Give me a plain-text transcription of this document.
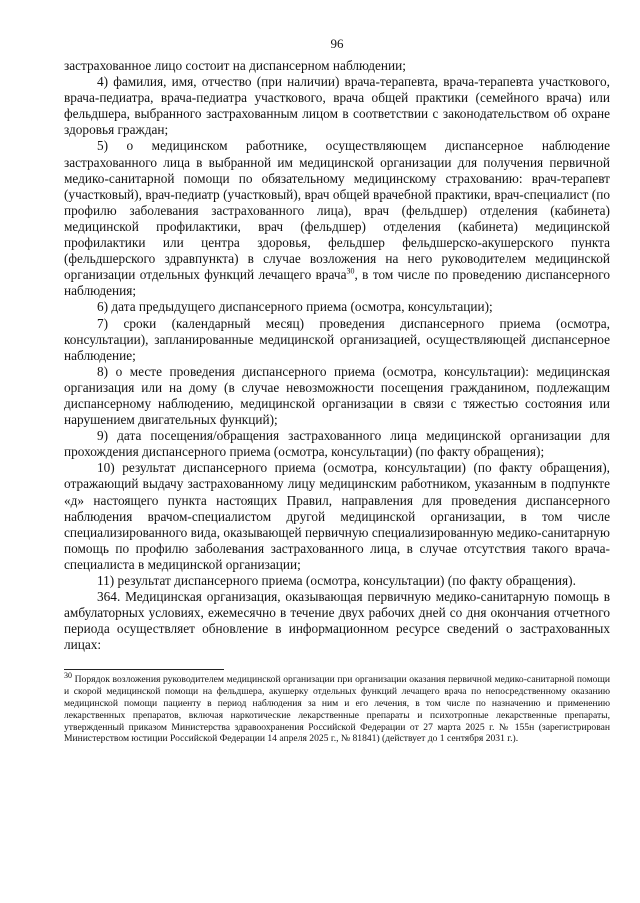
96

застрахованное лицо состоит на диспансерном наблюдении;

4) фамилия, имя, отчество (при наличии) врача-терапевта, врача-терапевта участкового, врача-педиатра, врача-педиатра участкового, врача общей практики (семейного врача) или фельдшера, выбранного застрахованным лицом в соответствии с законодательством об охране здоровья граждан;

5) о медицинском работнике, осуществляющем диспансерное наблюдение застрахованного лица в выбранной им медицинской организации для получения первичной медико-санитарной помощи по обязательному медицинскому страхованию: врач-терапевт (участковый), врач-педиатр (участковый), врач общей врачебной практики, врач-специалист (по профилю заболевания застрахованного лица), врач (фельдшер) отделения (кабинета) медицинской профилактики, врач (фельдшер) отделения (кабинета) медицинской профилактики или центра здоровья, фельдшер фельдшерско-акушерского пункта (фельдшерского здравпункта) в случае возложения на него руководителем медицинской организации отдельных функций лечащего врача$^{30}$, в том числе по проведению диспансерного наблюдения;

6) дата предыдущего диспансерного приема (осмотра, консультации);

7) сроки (календарный месяц) проведения диспансерного приема (осмотра, консультации), запланированные медицинской организацией, осуществляющей диспансерное наблюдение;

8) о месте проведения диспансерного приема (осмотра, консультации): медицинская организация или на дому (в случае невозможности посещения гражданином, подлежащим диспансерному наблюдению, медицинской организации в связи с тяжестью состояния или нарушением двигательных функций);

9) дата посещения/обращения застрахованного лица медицинской организации для прохождения диспансерного приема (осмотра, консультации) (по факту обращения);

10) результат диспансерного приема (осмотра, консультации) (по факту обращения), отражающий выдачу застрахованному лицу медицинским работником, указанным в подпункте «д» настоящего пункта настоящих Правил, направления для проведения диспансерного наблюдения врачом-специалистом другой медицинской организации, в том числе специализированного вида, оказывающей первичную специализированную медико-санитарную помощь по профилю заболевания застрахованного лица, в случае отсутствия такого врача-специалиста в медицинской организации;

11) результат диспансерного приема (осмотра, консультации) (по факту обращения).

364. Медицинская организация, оказывающая первичную медико-санитарную помощь в амбулаторных условиях, ежемесячно в течение двух рабочих дней со дня окончания отчетного периода осуществляет обновление в информационном ресурсе сведений о застрахованных лицах:

$^{30}$ Порядок возложения руководителем медицинской организации при организации оказания первичной медико-санитарной помощи и скорой медицинской помощи на фельдшера, акушерку отдельных функций лечащего врача по непосредственному оказанию медицинской помощи пациенту в период наблюдения за ним и его лечения, в том числе по назначению и применению лекарственных препаратов, включая наркотические лекарственные препараты и психотропные лекарственные препараты, утвержденный приказом Министерства здравоохранения Российской Федерации от 27 марта 2025 г. № 155н (зарегистрирован Министерством юстиции Российской Федерации 14 апреля 2025 г., № 81841) (действует до 1 сентября 2031 г.).
